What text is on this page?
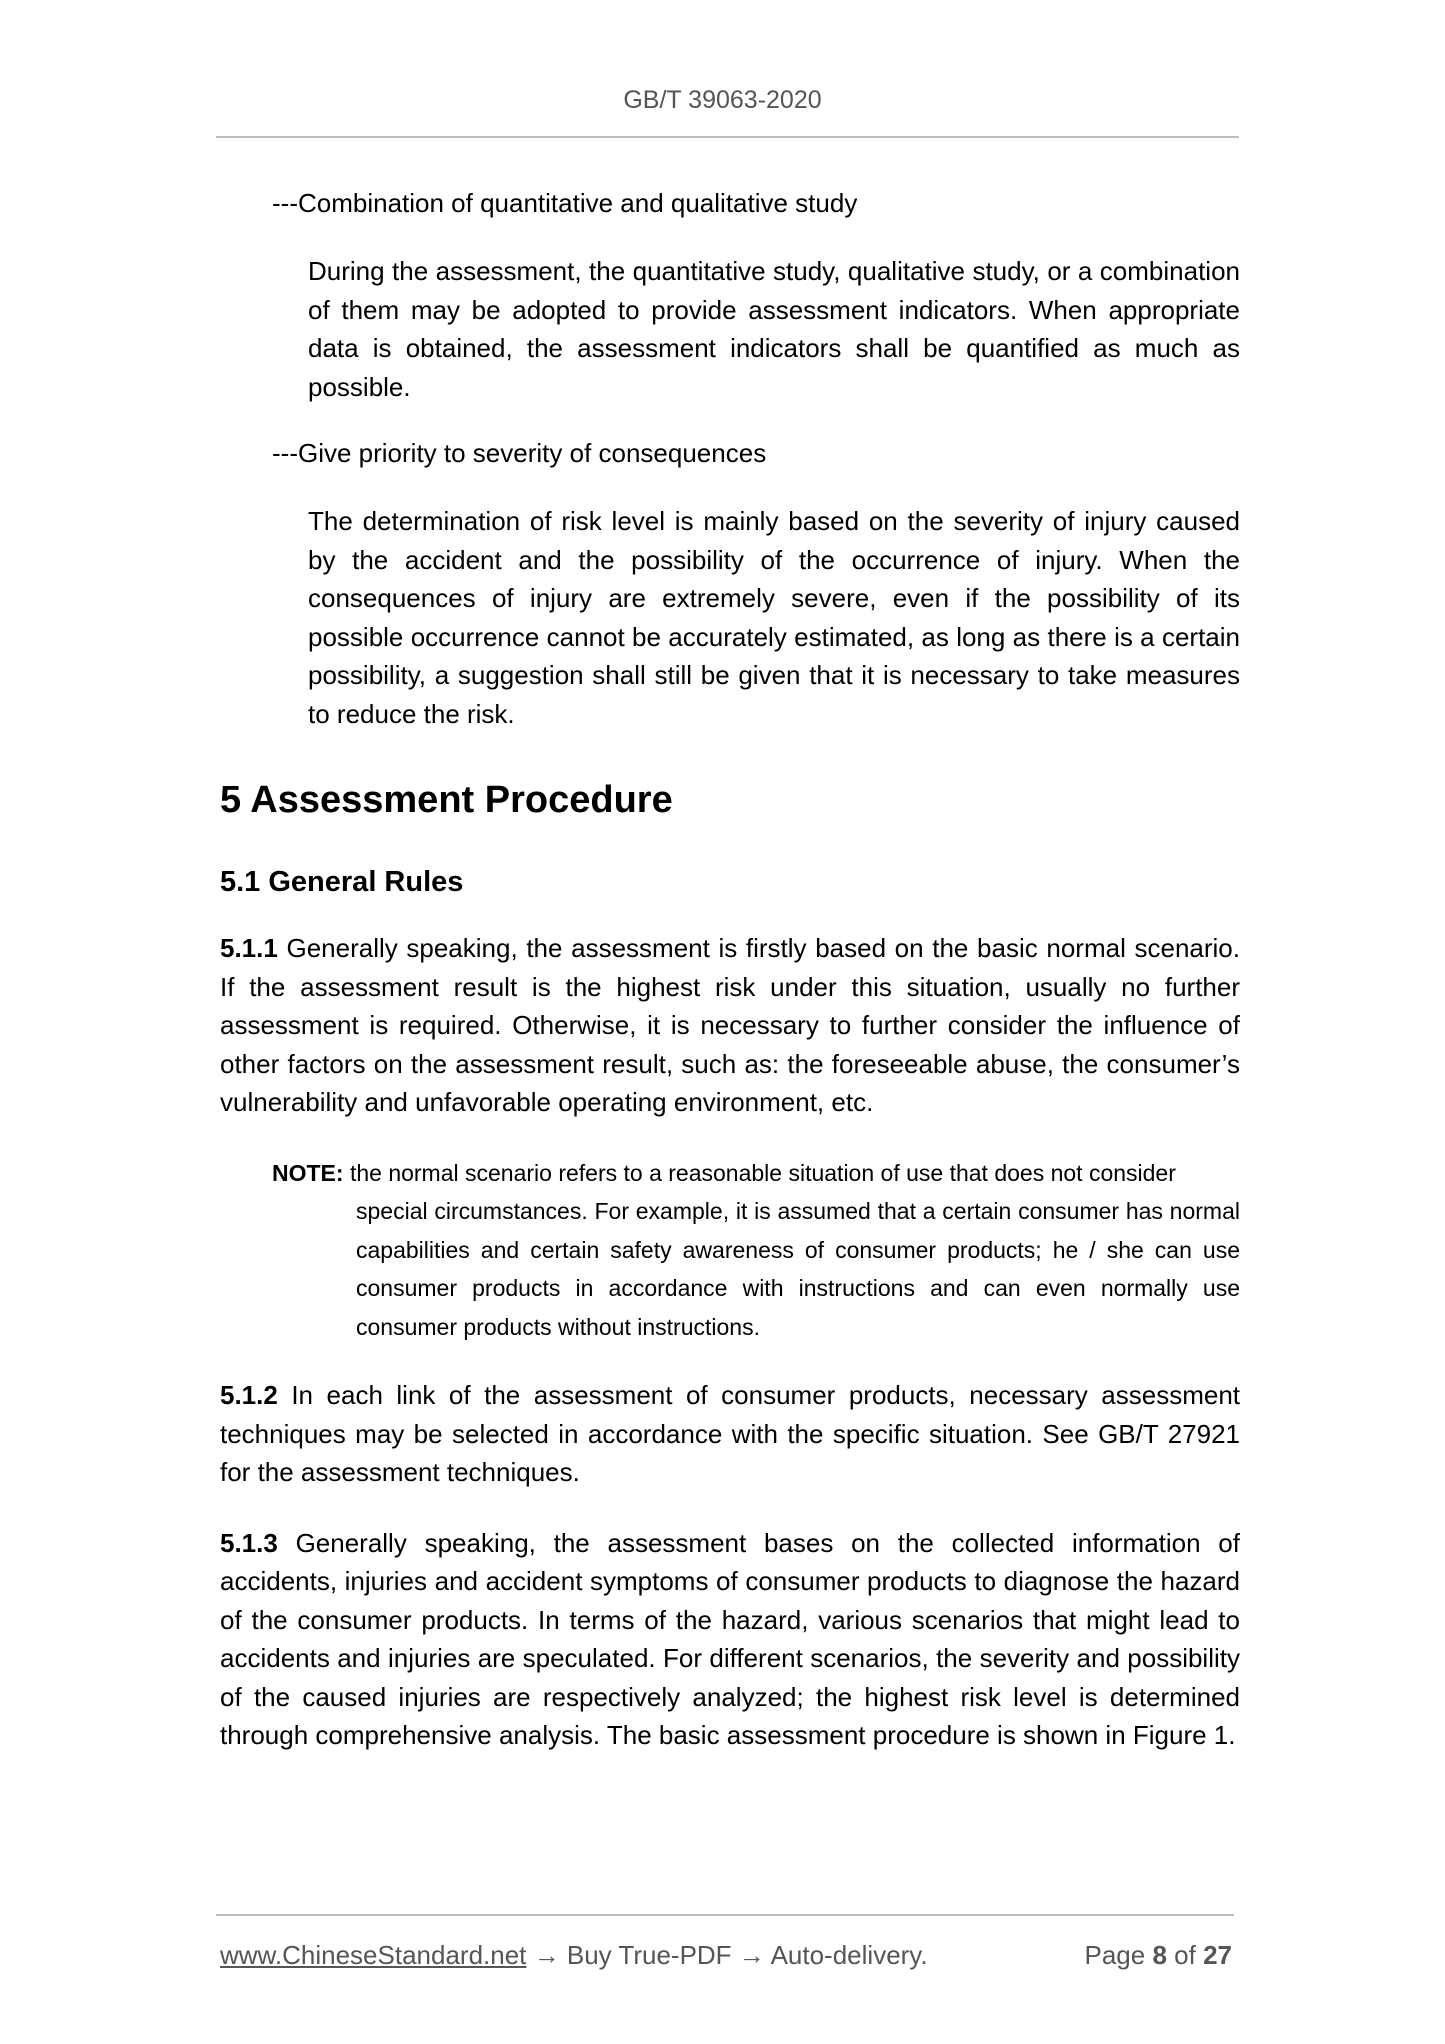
GB/T 39063-2020
---Combination of quantitative and qualitative study
During the assessment, the quantitative study, qualitative study, or a combination of them may be adopted to provide assessment indicators. When appropriate data is obtained, the assessment indicators shall be quantified as much as possible.
---Give priority to severity of consequences
The determination of risk level is mainly based on the severity of injury caused by the accident and the possibility of the occurrence of injury. When the consequences of injury are extremely severe, even if the possibility of its possible occurrence cannot be accurately estimated, as long as there is a certain possibility, a suggestion shall still be given that it is necessary to take measures to reduce the risk.
5 Assessment Procedure
5.1 General Rules
5.1.1 Generally speaking, the assessment is firstly based on the basic normal scenario. If the assessment result is the highest risk under this situation, usually no further assessment is required. Otherwise, it is necessary to further consider the influence of other factors on the assessment result, such as: the foreseeable abuse, the consumer’s vulnerability and unfavorable operating environment, etc.
NOTE: the normal scenario refers to a reasonable situation of use that does not consider
special circumstances. For example, it is assumed that a certain consumer has normal capabilities and certain safety awareness of consumer products; he / she can use consumer products in accordance with instructions and can even normally use consumer products without instructions.
5.1.2 In each link of the assessment of consumer products, necessary assessment techniques may be selected in accordance with the specific situation. See GB/T 27921 for the assessment techniques.
5.1.3 Generally speaking, the assessment bases on the collected information of accidents, injuries and accident symptoms of consumer products to diagnose the hazard of the consumer products. In terms of the hazard, various scenarios that might lead to accidents and injuries are speculated. For different scenarios, the severity and possibility of the caused injuries are respectively analyzed; the highest risk level is determined through comprehensive analysis. The basic assessment procedure is shown in Figure 1.
www.ChineseStandard.net → Buy True-PDF → Auto-delivery.	Page 8 of 27
